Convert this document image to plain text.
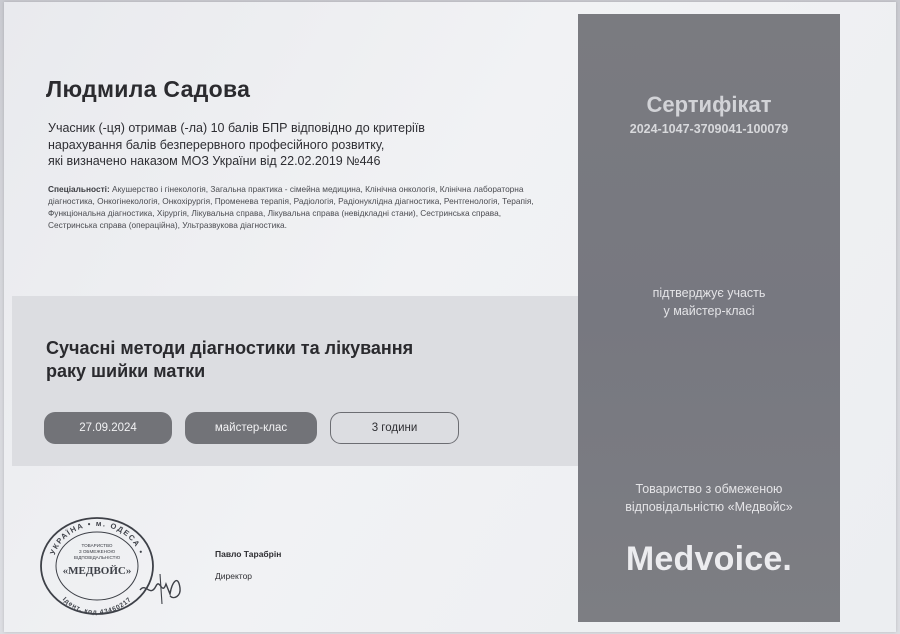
Людмила Садова
Учасник (-ця) отримав (-ла) 10 балів БПР відповідно до критеріїв
нарахування балів безперервного професійного розвитку,
які визначено наказом МОЗ України від 22.02.2019 №446
Спеціальності: Акушерство і гінекологія, Загальна практика - сімейна медицина, Клінічна онкологія, Клінічна лабораторна діагностика, Онкогінекологія, Онкохірургія, Променева терапія, Радіологія, Радіонуклідна діагностика, Рентгенологія, Терапія, Функціональна діагностика, Хірургія, Лікувальна справа, Лікувальна справа (невідкладні стани), Сестринська справа, Сестринська справа (операційна), Ультразвукова діагностика.
Сучасні методи діагностики та лікування
раку шийки матки
27.09.2024	майстер-клас	3 години
Сертифікат
2024-1047-3709041-100079
підтверджує участь
у майстер-класі
Товариство з обмеженою
відповідальністю «Медвойс»
Medvoice.
УКРАЇНА • м. ОДЕСА •
Ідент. код 43460217
ТОВАРИСТВО
З ОБМЕЖЕНОЮ
ВІДПОВІДАЛЬНІСТЮ
«МЕДВОЙС»
Павло Тарабрін
Директор
